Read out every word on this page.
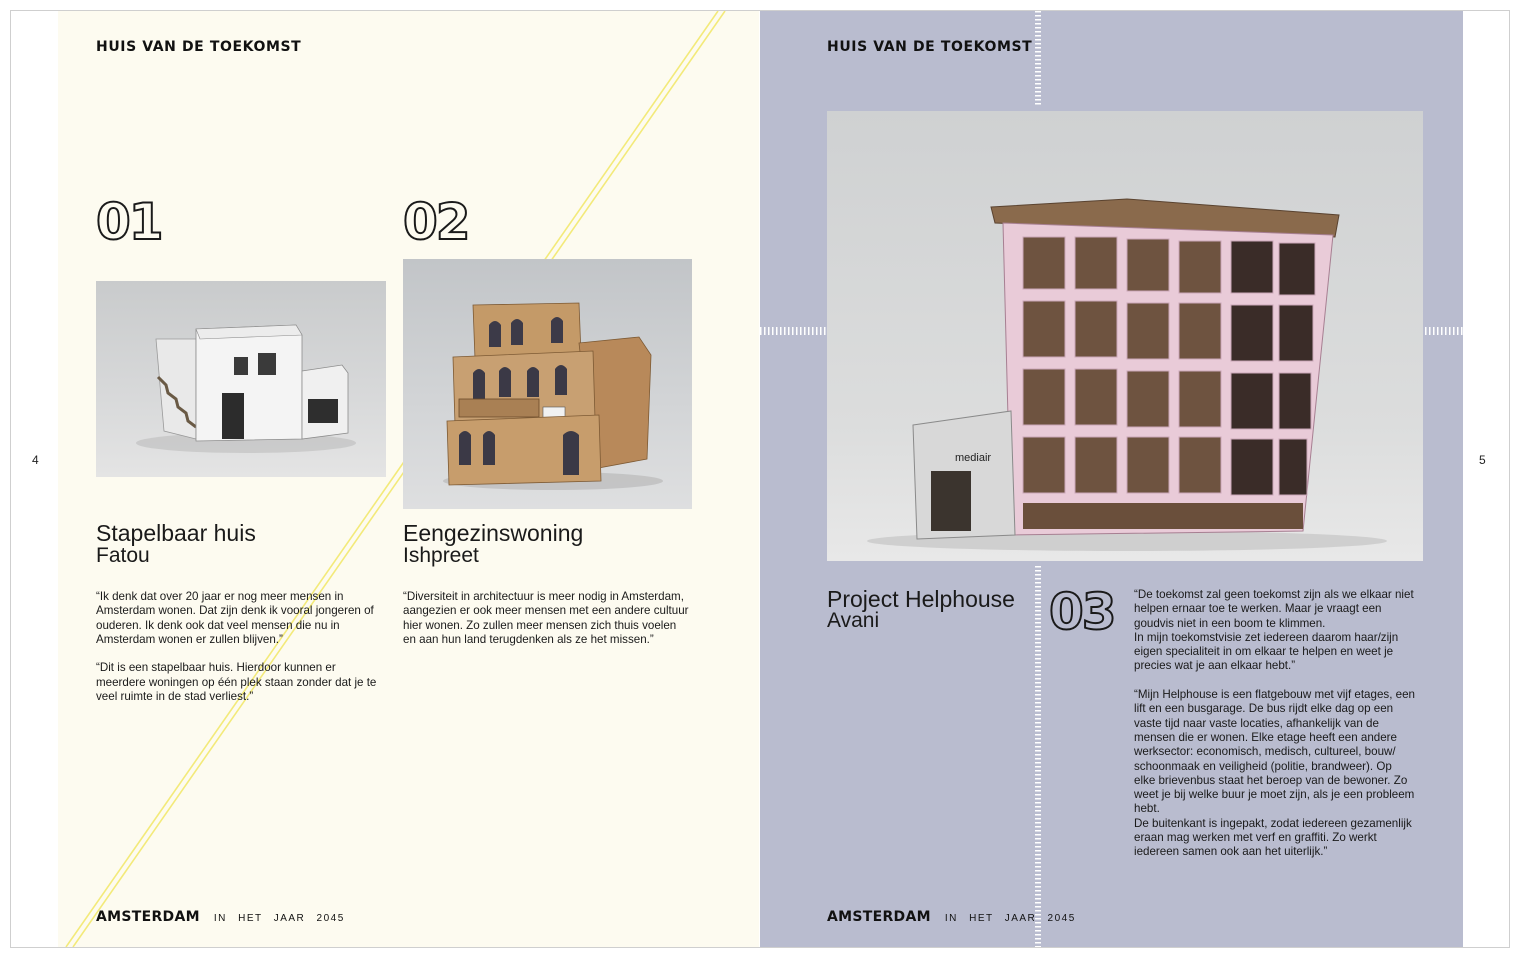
4	5
HUIS VAN DE TOEKOMST
01
Stapelbaar huis
Fatou
“Ik denk dat over 20 jaar er nog meer mensen in Amsterdam wonen. Dat zijn denk ik vooral jongeren of ouderen. Ik denk ook dat veel mensen die nu in Amsterdam wonen er zullen blijven.”

“Dit is een stapelbaar huis. Hierdoor kunnen er meerdere woningen op één plek staan zonder dat je te veel ruimte in de stad verliest.”
02
Eengezinswoning
Ishpreet
“Diversiteit in architectuur is meer nodig in Amsterdam, aangezien er ook meer mensen met een andere cultuur hier wonen. Zo zullen meer mensen zich thuis voelen en aan hun land terugdenken als ze het missen.”
AMSTERDAM IN HET JAAR 2045
HUIS VAN DE TOEKOMST
mediair
Project Helphouse
Avani	03 “De toekomst zal geen toekomst zijn als we elkaar niet helpen ernaar toe te werken. Maar je vraagt een goudvis niet in een boom te klimmen.
In mijn toekomstvisie zet iedereen daarom haar/zijn eigen specialiteit in om elkaar te helpen en weet je precies wat je aan elkaar hebt.”

“Mijn Helphouse is een flatgebouw met vijf etages, een lift en een busgarage. De bus rijdt elke dag op een vaste tijd naar vaste locaties, afhankelijk van de mensen die er wonen. Elke etage heeft een andere werksector: economisch, medisch, cultureel, bouw/ schoonmaak en veiligheid (politie, brandweer). Op elke brievenbus staat het beroep van de bewoner. Zo weet je bij welke buur je moet zijn, als je een probleem hebt.
De buitenkant is ingepakt, zodat iedereen gezamenlijk eraan mag werken met verf en graffiti. Zo werkt iedereen samen ook aan het uiterlijk.”
AMSTERDAM IN HET JAAR 2045
